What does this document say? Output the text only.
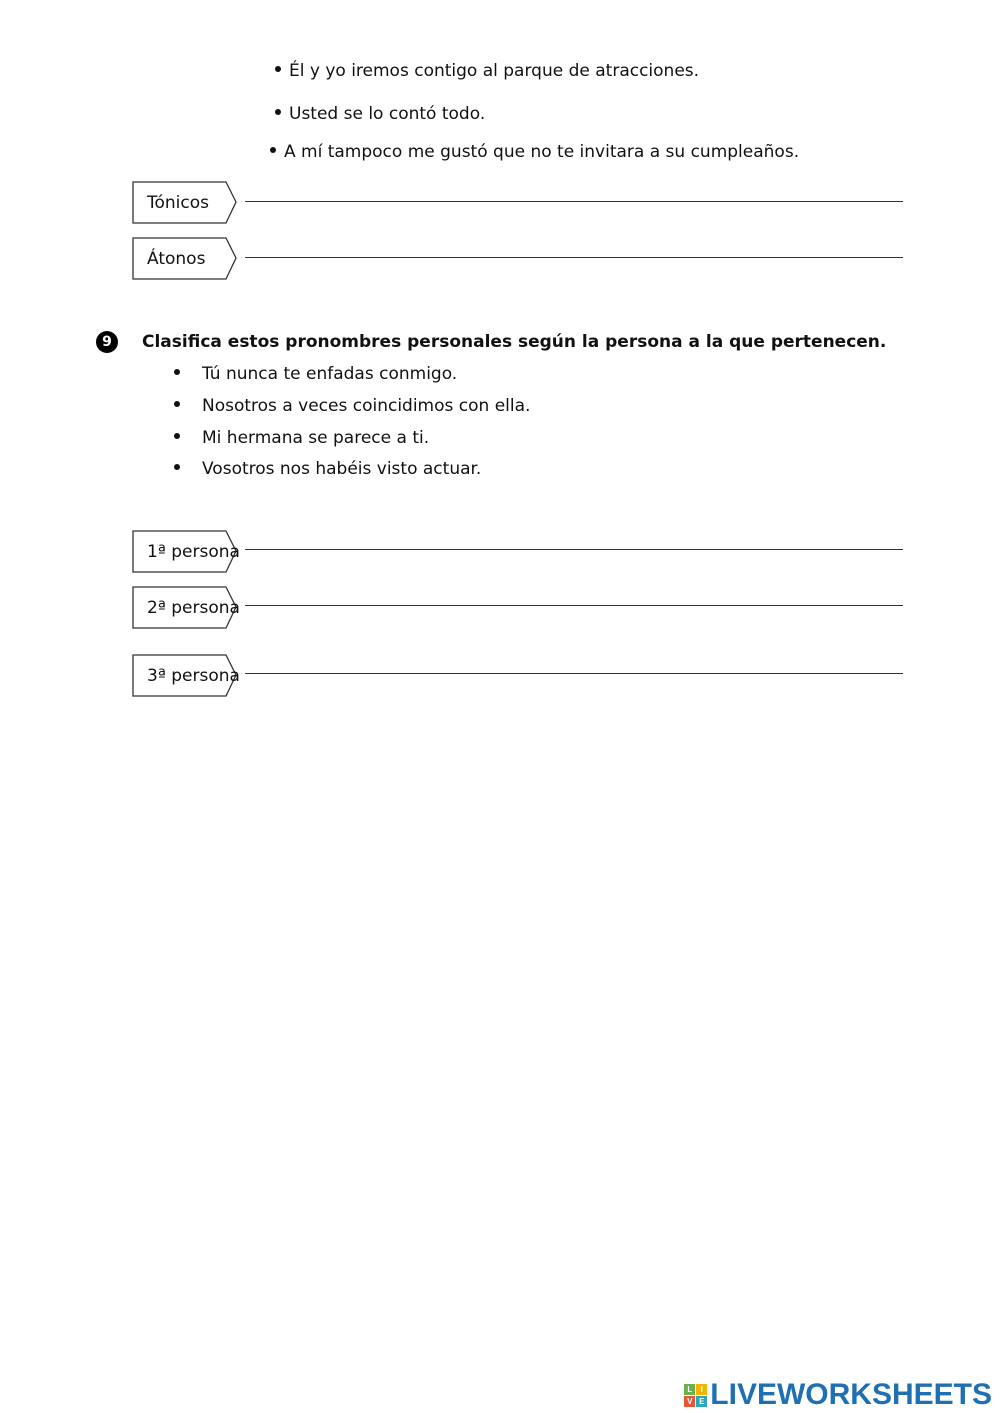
Él y yo iremos contigo al parque de atracciones.
Usted se lo contó todo.
A mí tampoco me gustó que no te invitara a su cumpleaños.
Tónicos
Átonos
9	Clasifica estos pronombres personales según la persona a la que pertenecen.
Tú nunca te enfadas conmigo.
Nosotros a veces coincidimos con ella.
Mi hermana se parece a ti.
Vosotros nos habéis visto actuar.
1ª persona
2ª persona
3ª persona
L	I
V E LIVEWORKSHEETS
